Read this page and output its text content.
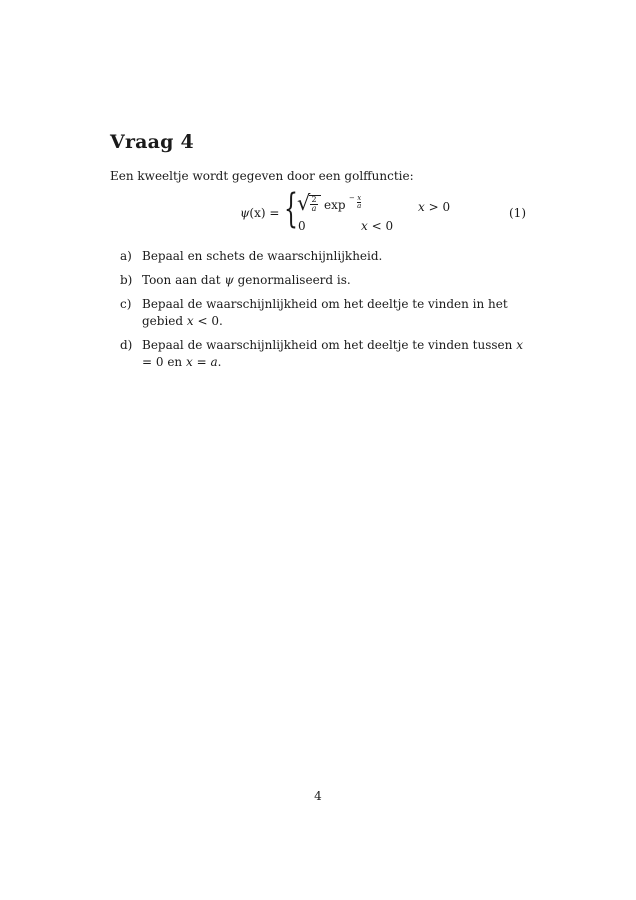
Vraag 4
Een kweeltje wordt gegeven door een golffunctie:
ψ(x) = { √ $\frac{2}{a}$ $\exp - \frac{x}{a}$	x > 0
0	x < 0
(1)
a) Bepaal en schets de waarschijnlijkheid.
b) Toon aan dat ψ genormaliseerd is.
c) Bepaal de waarschijnlijkheid om het deeltje te vinden in het gebied x < 0.
d) Bepaal de waarschijnlijkheid om het deeltje te vinden tussen x = 0 en x = a.
4
